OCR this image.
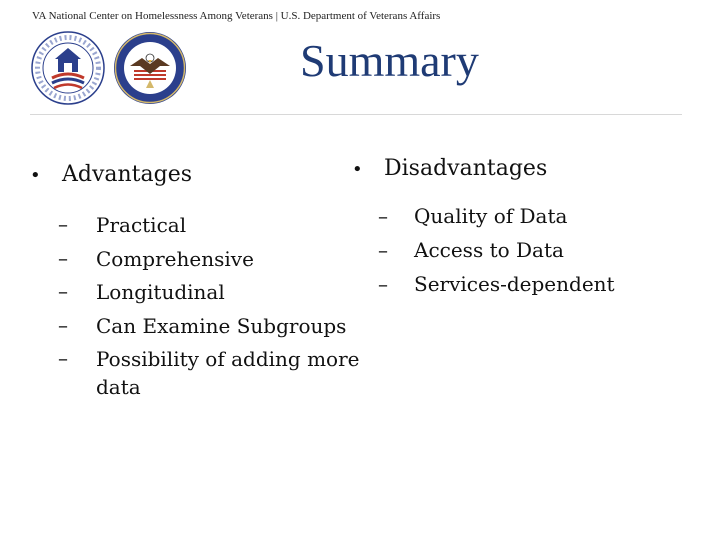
VA National Center on Homelessness Among Veterans | U.S. Department of Veterans Affairs
Summary
• Advantages
–	Practical
–	Comprehensive
–	Longitudinal
–	Can Examine Subgroups
–	Possibility of adding more data
• Disadvantages
–	Quality of Data
–	Access to Data
–	Services-dependent
